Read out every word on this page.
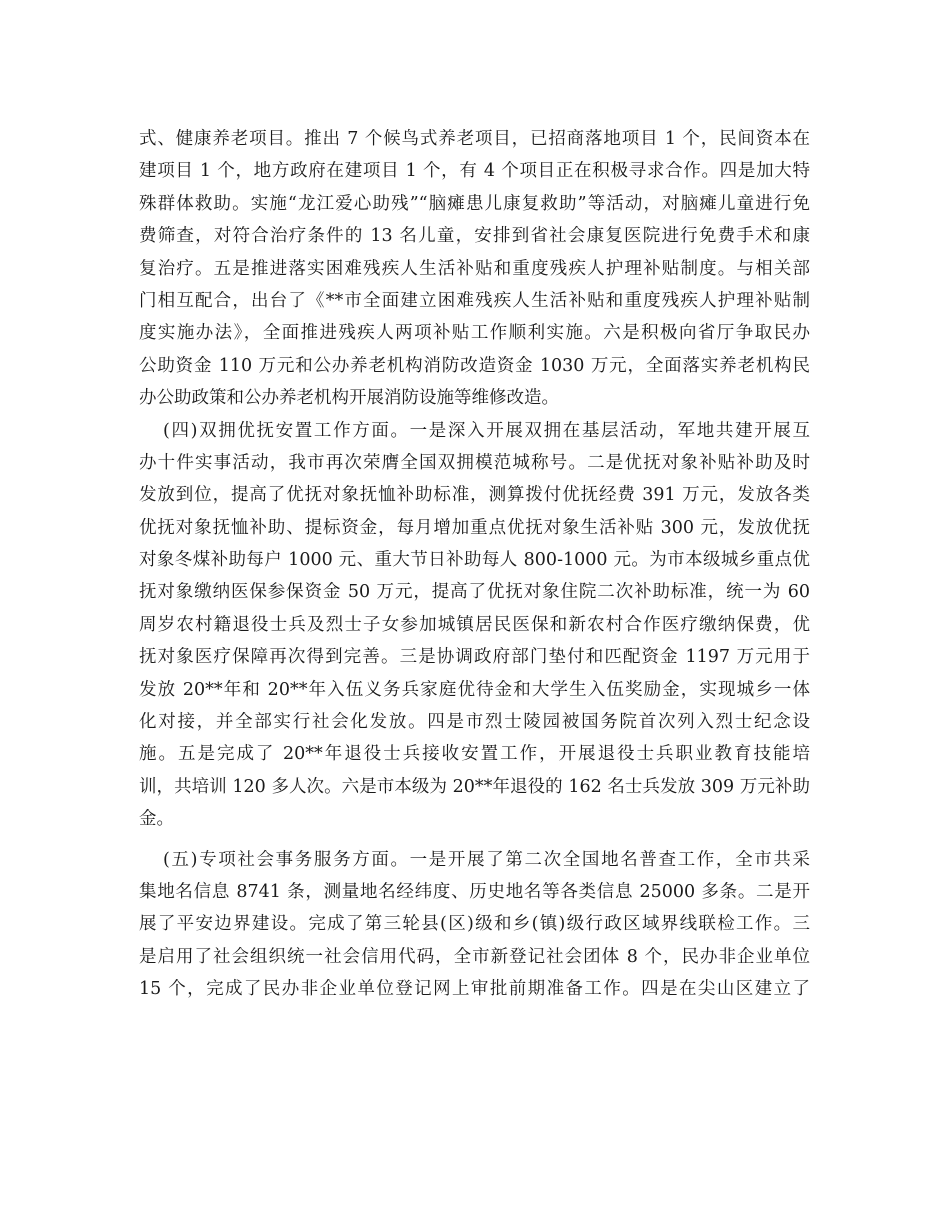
式、健康养老项目。推出 7 个候鸟式养老项目，已招商落地项目 1 个，民间资本在
建项目 1 个，地方政府在建项目 1 个，有 4 个项目正在积极寻求合作。四是加大特
殊群体救助。实施“龙江爱心助残”“脑瘫患儿康复救助”等活动，对脑瘫儿童进行免
费筛查，对符合治疗条件的 13 名儿童，安排到省社会康复医院进行免费手术和康
复治疗。五是推进落实困难残疾人生活补贴和重度残疾人护理补贴制度。与相关部
门相互配合，出台了《**市全面建立困难残疾人生活补贴和重度残疾人护理补贴制
度实施办法》，全面推进残疾人两项补贴工作顺利实施。六是积极向省厅争取民办
公助资金 110 万元和公办养老机构消防改造资金 1030 万元，全面落实养老机构民
办公助政策和公办养老机构开展消防设施等维修改造。
(四)双拥优抚安置工作方面。一是深入开展双拥在基层活动，军地共建开展互
办十件实事活动，我市再次荣膺全国双拥模范城称号。二是优抚对象补贴补助及时
发放到位，提高了优抚对象抚恤补助标准，测算拨付优抚经费 391 万元，发放各类
优抚对象抚恤补助、提标资金，每月增加重点优抚对象生活补贴 300 元，发放优抚
对象冬煤补助每户 1000 元、重大节日补助每人 800-1000 元。为市本级城乡重点优
抚对象缴纳医保参保资金 50 万元，提高了优抚对象住院二次补助标准，统一为 60
周岁农村籍退役士兵及烈士子女参加城镇居民医保和新农村合作医疗缴纳保费，优
抚对象医疗保障再次得到完善。三是协调政府部门垫付和匹配资金 1197 万元用于
发放 20**年和 20**年入伍义务兵家庭优待金和大学生入伍奖励金，实现城乡一体
化对接，并全部实行社会化发放。四是市烈士陵园被国务院首次列入烈士纪念设
施。五是完成了 20**年退役士兵接收安置工作，开展退役士兵职业教育技能培
训，共培训 120 多人次。六是市本级为 20**年退役的 162 名士兵发放 309 万元补助
金。
(五)专项社会事务服务方面。一是开展了第二次全国地名普查工作，全市共采
集地名信息 8741 条，测量地名经纬度、历史地名等各类信息 25000 多条。二是开
展了平安边界建设。完成了第三轮县(区)级和乡(镇)级行政区域界线联检工作。三
是启用了社会组织统一社会信用代码，全市新登记社会团体 8 个，民办非企业单位
15 个，完成了民办非企业单位登记网上审批前期准备工作。四是在尖山区建立了
